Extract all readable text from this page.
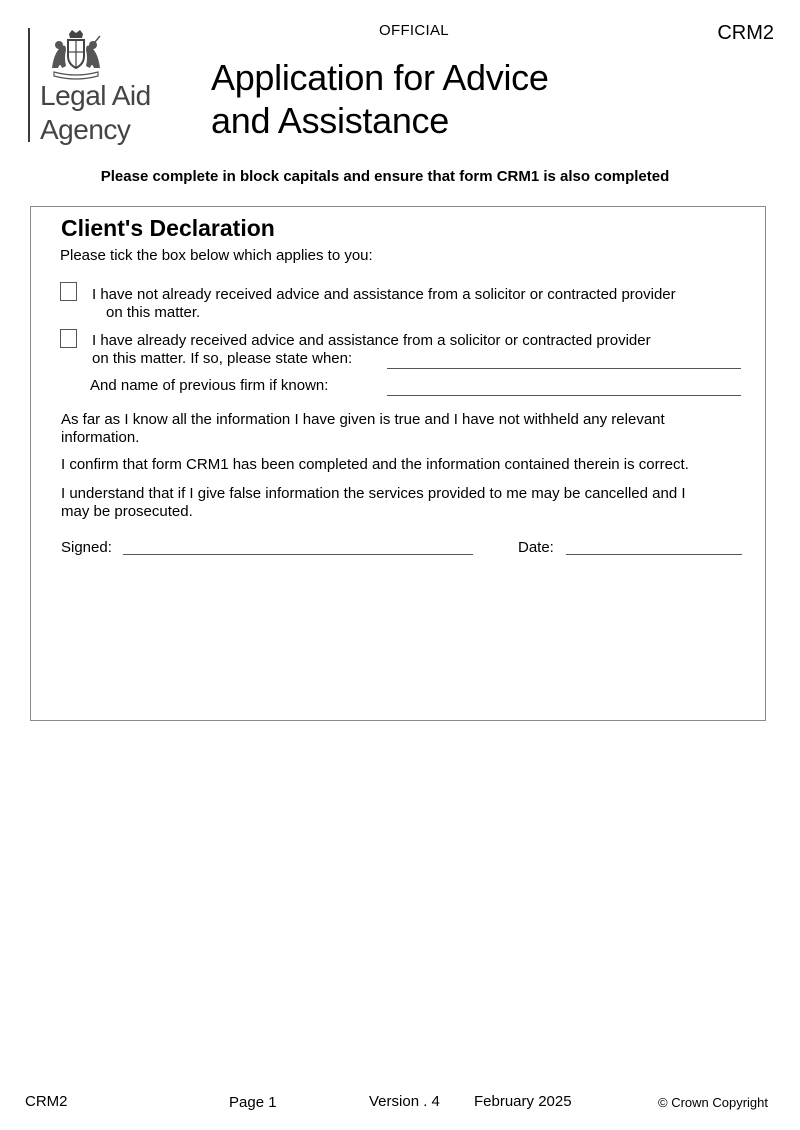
OFFICIAL	CRM2
Legal Aid
Agency
Application for Advice
and Assistance
Please complete in block capitals and ensure that form CRM1 is also completed
Client's Declaration
Please tick the box below which applies to you:
I have not already received advice and assistance from a solicitor or contracted provider
on this matter.
I have already received advice and assistance from a solicitor or contracted provider
on this matter. If so, please state when:
And name of previous firm if known:
As far as I know all the information I have given is true and I have not withheld any relevant
information.
I confirm that form CRM1 has been completed and the information contained therein is correct.
I understand that if I give false information the services provided to me may be cancelled and I
may be prosecuted.
Signed:	Date:
CRM2	Page 1	Version . 4 February 2025	© Crown Copyright
